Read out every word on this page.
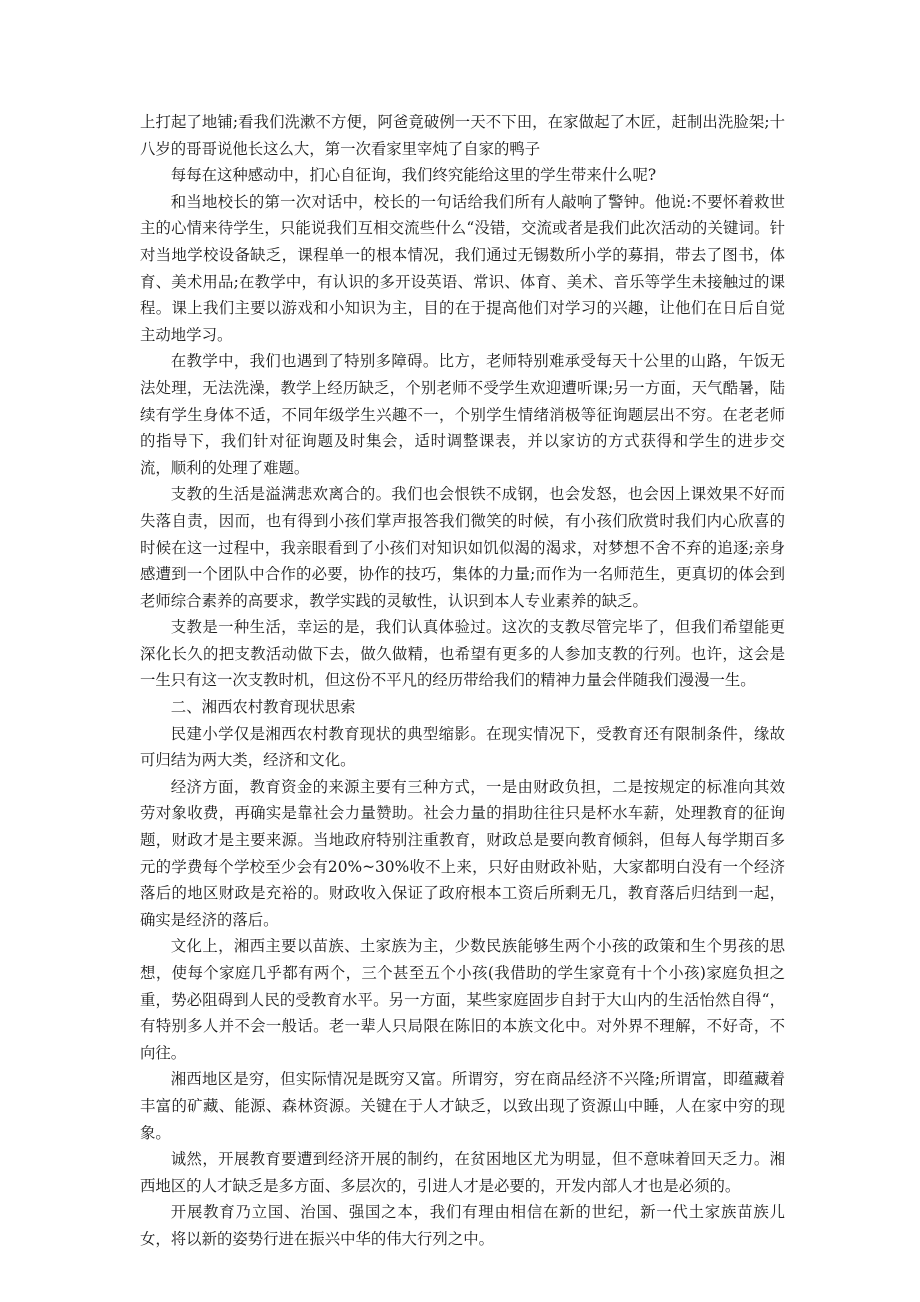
上打起了地铺;看我们洗漱不方便，阿爸竟破例一天不下田，在家做起了木匠，赶制出洗脸架;十八岁的哥哥说他长这么大，第一次看家里宰炖了自家的鸭子

每每在这种感动中，扪心自征询，我们终究能给这里的学生带来什么呢?

和当地校长的第一次对话中，校长的一句话给我们所有人敲响了警钟。他说:不要怀着救世主的心情来待学生，只能说我们互相交流些什么“没错，交流或者是我们此次活动的关键词。针对当地学校设备缺乏，课程单一的根本情况，我们通过无锡数所小学的募捐，带去了图书，体育、美术用品;在教学中，有认识的多开设英语、常识、体育、美术、音乐等学生未接触过的课程。课上我们主要以游戏和小知识为主，目的在于提高他们对学习的兴趣，让他们在日后自觉主动地学习。

在教学中，我们也遇到了特别多障碍。比方，老师特别难承受每天十公里的山路，午饭无法处理，无法洗澡，教学上经历缺乏，个别老师不受学生欢迎遭听课;另一方面，天气酷暑，陆续有学生身体不适，不同年级学生兴趣不一，个别学生情绪消极等征询题层出不穷。在老老师的指导下，我们针对征询题及时集会，适时调整课表，并以家访的方式获得和学生的进步交流，顺利的处理了难题。

支教的生活是溢满悲欢离合的。我们也会恨铁不成钢，也会发怒，也会因上课效果不好而失落自责，因而，也有得到小孩们掌声报答我们微笑的时候，有小孩们欣赏时我们内心欣喜的时候在这一过程中，我亲眼看到了小孩们对知识如饥似渴的渴求，对梦想不舍不弃的追逐;亲身感遭到一个团队中合作的必要，协作的技巧，集体的力量;而作为一名师范生，更真切的体会到老师综合素养的高要求，教学实践的灵敏性，认识到本人专业素养的缺乏。

支教是一种生活，幸运的是，我们认真体验过。这次的支教尽管完毕了，但我们希望能更深化长久的把支教活动做下去，做久做精，也希望有更多的人参加支教的行列。也许，这会是一生只有这一次支教时机，但这份不平凡的经历带给我们的精神力量会伴随我们漫漫一生。

二、湘西农村教育现状思索

民建小学仅是湘西农村教育现状的典型缩影。在现实情况下，受教育还有限制条件，缘故可归结为两大类，经济和文化。

经济方面，教育资金的来源主要有三种方式，一是由财政负担，二是按规定的标准向其效劳对象收费，再确实是靠社会力量赞助。社会力量的捐助往往只是杯水车薪，处理教育的征询题，财政才是主要来源。当地政府特别注重教育，财政总是要向教育倾斜，但每人每学期百多元的学费每个学校至少会有20%~30%收不上来，只好由财政补贴，大家都明白没有一个经济落后的地区财政是充裕的。财政收入保证了政府根本工资后所剩无几，教育落后归结到一起，确实是经济的落后。

文化上，湘西主要以苗族、土家族为主，少数民族能够生两个小孩的政策和生个男孩的思想，使每个家庭几乎都有两个，三个甚至五个小孩(我借助的学生家竟有十个小孩)家庭负担之重，势必阻碍到人民的受教育水平。另一方面，某些家庭固步自封于大山内的生活怡然自得“，有特别多人并不会一般话。老一辈人只局限在陈旧的本族文化中。对外界不理解，不好奇，不向往。

湘西地区是穷，但实际情况是既穷又富。所谓穷，穷在商品经济不兴隆;所谓富，即蕴藏着丰富的矿藏、能源、森林资源。关键在于人才缺乏，以致出现了资源山中睡，人在家中穷的现象。

诚然，开展教育要遭到经济开展的制约，在贫困地区尤为明显，但不意味着回天乏力。湘西地区的人才缺乏是多方面、多层次的，引进人才是必要的，开发内部人才也是必须的。

开展教育乃立国、治国、强国之本，我们有理由相信在新的世纪，新一代土家族苗族儿女，将以新的姿势行进在振兴中华的伟大行列之中。
